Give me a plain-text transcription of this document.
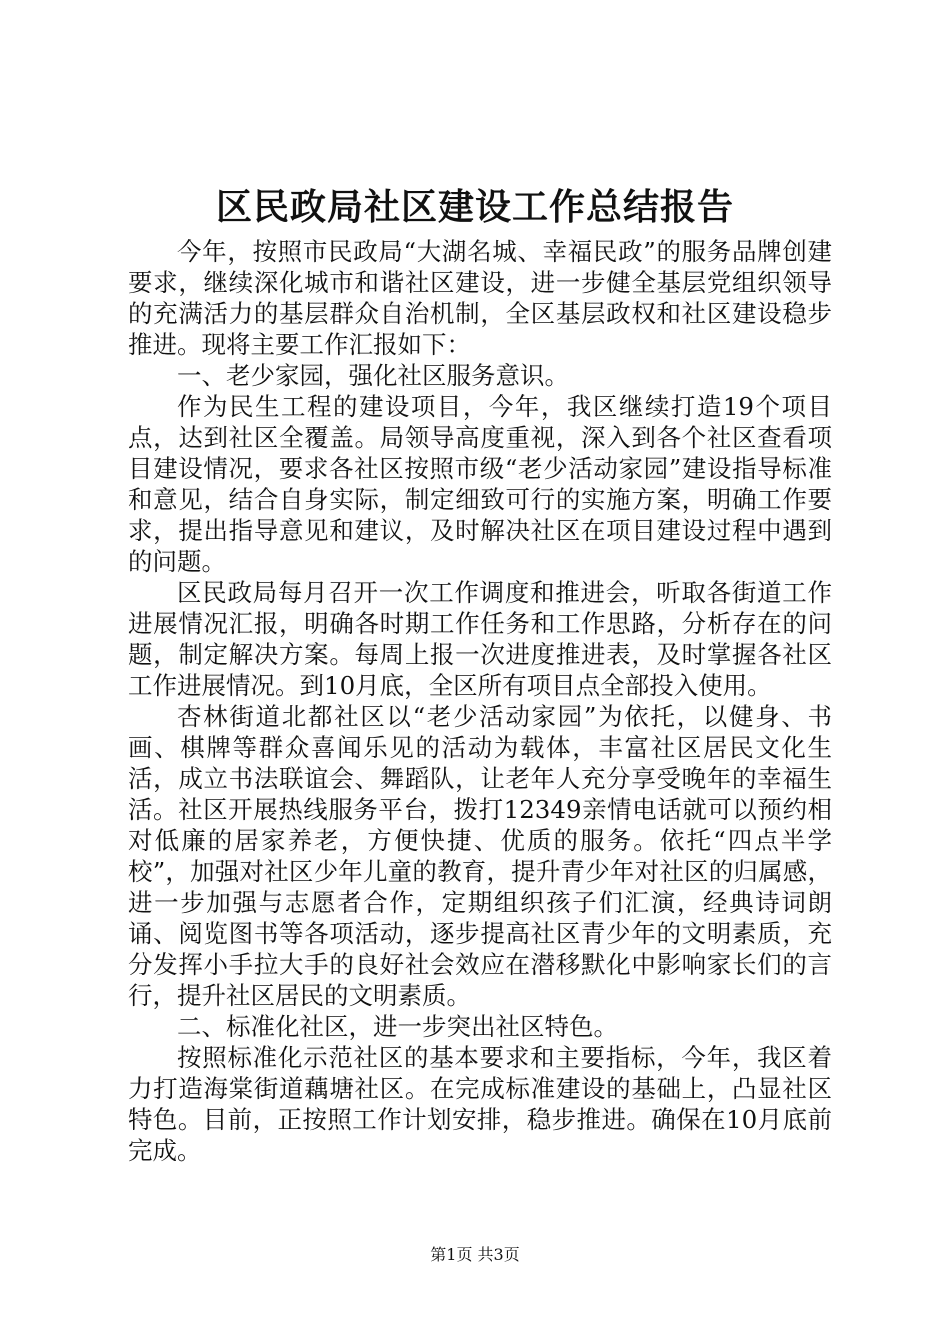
区民政局社区建设工作总结报告

今年，按照市民政局“大湖名城、幸福民政”的服务品牌创建要求，继续深化城市和谐社区建设，进一步健全基层党组织领导的充满活力的基层群众自治机制，全区基层政权和社区建设稳步推进。现将主要工作汇报如下：

一、老少家园，强化社区服务意识。

作为民生工程的建设项目，今年，我区继续打造19个项目点，达到社区全覆盖。局领导高度重视，深入到各个社区查看项目建设情况，要求各社区按照市级“老少活动家园”建设指导标准和意见，结合自身实际，制定细致可行的实施方案，明确工作要求，提出指导意见和建议，及时解决社区在项目建设过程中遇到的问题。

区民政局每月召开一次工作调度和推进会，听取各街道工作进展情况汇报，明确各时期工作任务和工作思路，分析存在的问题，制定解决方案。每周上报一次进度推进表，及时掌握各社区工作进展情况。到10月底，全区所有项目点全部投入使用。

杏林街道北都社区以“老少活动家园”为依托，以健身、书画、棋牌等群众喜闻乐见的活动为载体，丰富社区居民文化生活，成立书法联谊会、舞蹈队，让老年人充分享受晚年的幸福生活。社区开展热线服务平台，拨打12349亲情电话就可以预约相对低廉的居家养老，方便快捷、优质的服务。依托“四点半学校”，加强对社区少年儿童的教育，提升青少年对社区的归属感，进一步加强与志愿者合作，定期组织孩子们汇演，经典诗词朗诵、阅览图书等各项活动，逐步提高社区青少年的文明素质，充分发挥小手拉大手的良好社会效应在潜移默化中影响家长们的言行，提升社区居民的文明素质。

二、标准化社区，进一步突出社区特色。

按照标准化示范社区的基本要求和主要指标，今年，我区着力打造海棠街道藕塘社区。在完成标准建设的基础上，凸显社区特色。目前，正按照工作计划安排，稳步推进。确保在10月底前完成。

第1页 共3页
